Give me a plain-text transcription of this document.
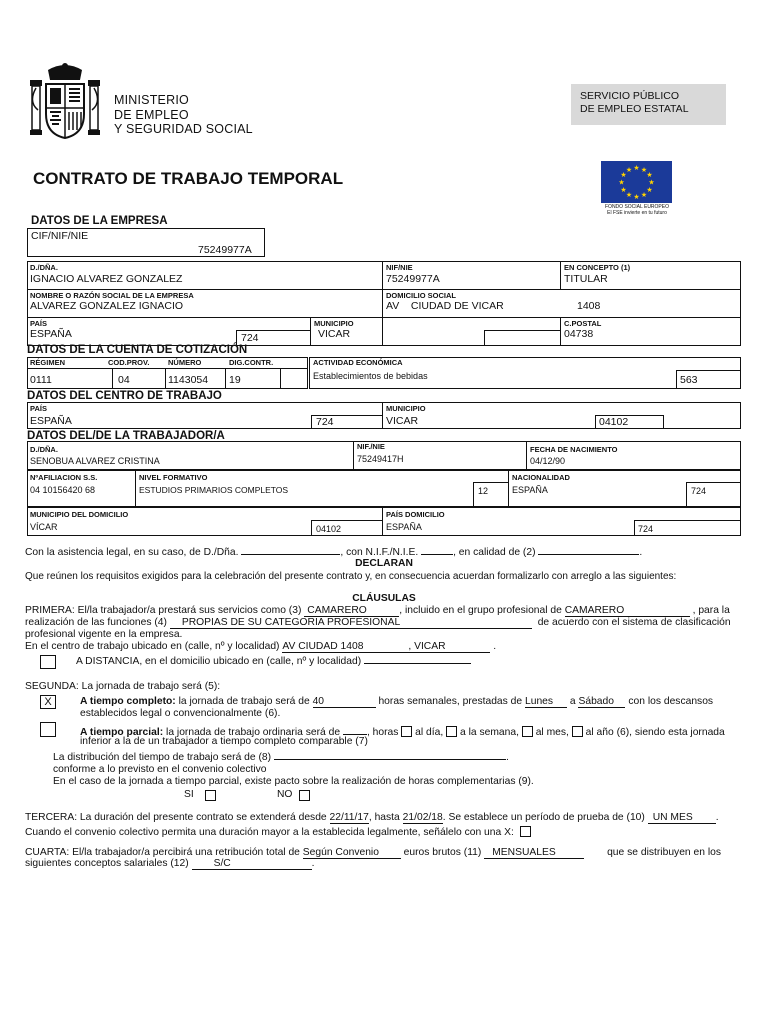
MINISTERIO
DE EMPLEO
Y SEGURIDAD SOCIAL
SERVICIO PÚBLICO
DE EMPLEO ESTATAL
CONTRATO DE TRABAJO TEMPORAL
★ ★
★
★
★
★
★
★
★
★
★
★
FONDO SOCIAL EUROPEO
El FSE invierte en tu futuro
DATOS DE LA EMPRESA
CIF/NIF/NIE
75249977A
D./DÑA.
IGNACIO ALVAREZ GONZALEZ
NIF/NIE
75249977A
EN CONCEPTO (1)
TITULAR
NOMBRE O RAZÓN SOCIAL DE LA EMPRESA
ALVAREZ GONZALEZ IGNACIO
DOMICILIO SOCIAL
AV    CIUDAD DE VICAR	1408
PAÍS
ESPAÑA	724
MUNICIPIO
VICAR
C.POSTAL
04738
DATOS DE LA CUENTA DE COTIZACIÓN
RÉGIMEN	COD.PROV. NÚMERO	DIG.CONTR.
0111	04	1143054 19
ACTIVIDAD ECONÓMICA
Establecimientos de bebidas	563
DATOS DEL CENTRO DE TRABAJO
PAÍS
ESPAÑA	724
MUNICIPIO
VICAR	04102
DATOS DEL/DE LA TRABAJADOR/A
D./DÑA.
SENOBUA ALVAREZ CRISTINA
NIF./NIE
75249417H
FECHA DE NACIMIENTO
04/12/90
NºAFILIACION S.S.
04 10156420 68
NIVEL FORMATIVO
ESTUDIOS PRIMARIOS COMPLETOS	12
NACIONALIDAD
ESPAÑA	724
MUNICIPIO DEL DOMICILIO
VÍCAR	04102
PAÍS DOMICILIO
ESPAÑA	724
Con la asistencia legal, en su caso, de D./Dña.	, con N.I.F./N.I.E.	, en calidad de (2)	.
DECLARAN
Que reúnen los requisitos exigidos para la celebración del presente contrato y, en consecuencia acuerdan formalizarlo con arreglo a las siguientes:
CLÁUSULAS
PRIMERA: El/la trabajador/a prestará sus servicios como (3) CAMARERO	, incluido en el grupo profesional de CAMARERO	, para la
realización de las funciones (4) PROPIAS DE SU CATEGORIA PROFESIONAL	de acuerdo con el sistema de clasificación
profesional vigente en la empresa.
En el centro de trabajo ubicado en (calle, nº y localidad) AV CIUDAD 1408	, VICAR	.
A DISTANCIA, en el domicilio ubicado en (calle, nº y localidad)
SEGUNDA: La jornada de trabajo será (5):
X	A tiempo completo: la jornada de trabajo será de 40	horas semanales, prestadas de Lunes a Sábado con los descansos
establecidos legal o convencionalmente (6).
A tiempo parcial: la jornada de trabajo ordinaria será de	, horas al día, a la semana, al mes, al año (6), siendo esta jornada
inferior a la de un trabajador a tiempo completo comparable (7)
La distribución del tiempo de trabajo será de (8)	.
conforme a lo previsto en el convenio colectivo
En el caso de la jornada a tiempo parcial, existe pacto sobre la realización de horas complementarias (9).
SI	NO
TERCERA: La duración del presente contrato se extenderá desde 22/11/17, hasta 21/02/18. Se establece un período de prueba de (10) UN MES .
Cuando el convenio colectivo permita una duración mayor a la establecida legalmente, señálelo con una X:
CUARTA: El/la trabajador/a percibirá una retribución total de Según Convenio euros brutos (11) MENSUALES	que se distribuyen en los
siguientes conceptos salariales (12) S/C	.
